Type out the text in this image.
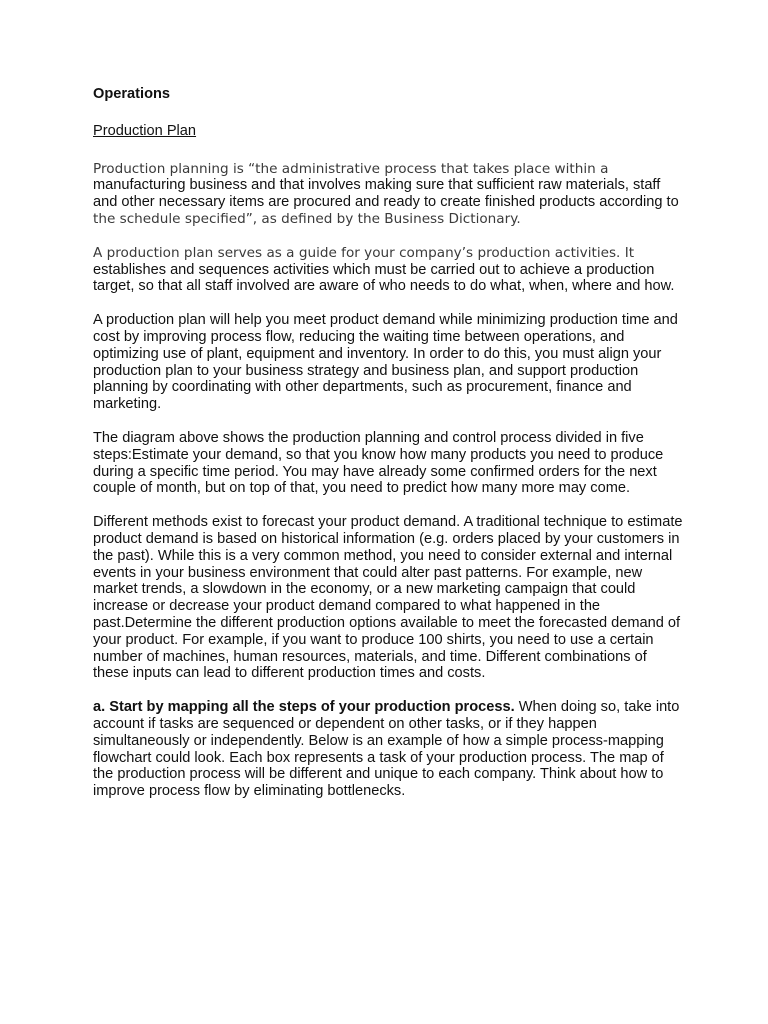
Operations
Production Plan

Production planning is “the administrative process that takes place within a manufacturing business and that involves making sure that sufficient raw materials, staff and other necessary items are procured and ready to create finished products according to the schedule specified”, as defined by the Business Dictionary.

A production plan serves as a guide for your company’s production activities. It establishes and sequences activities which must be carried out to achieve a production target, so that all staff involved are aware of who needs to do what, when, where and how.

A production plan will help you meet product demand while minimizing production time and cost by improving process flow, reducing the waiting time between operations, and optimizing use of plant, equipment and inventory. In order to do this, you must align your production plan to your business strategy and business plan, and support production planning by coordinating with other departments, such as procurement, finance and marketing.

The diagram above shows the production planning and control process divided in five steps:Estimate your demand, so that you know how many products you need to produce during a specific time period. You may have already some confirmed orders for the next couple of month, but on top of that, you need to predict how many more may come.

Different methods exist to forecast your product demand. A traditional technique to estimate product demand is based on historical information (e.g. orders placed by your customers in the past). While this is a very common method, you need to consider external and internal events in your business environment that could alter past patterns. For example, new market trends, a slowdown in the economy, or a new marketing campaign that could increase or decrease your product demand compared to what happened in the past.Determine the different production options available to meet the forecasted demand of your product. For example, if you want to produce 100 shirts, you need to use a certain number of machines, human resources, materials, and time. Different combinations of these inputs can lead to different production times and costs.

a. Start by mapping all the steps of your production process. When doing so, take into account if tasks are sequenced or dependent on other tasks, or if they happen simultaneously or independently. Below is an example of how a simple process-mapping flowchart could look. Each box represents a task of your production process. The map of the production process will be different and unique to each company. Think about how to improve process flow by eliminating bottlenecks.
